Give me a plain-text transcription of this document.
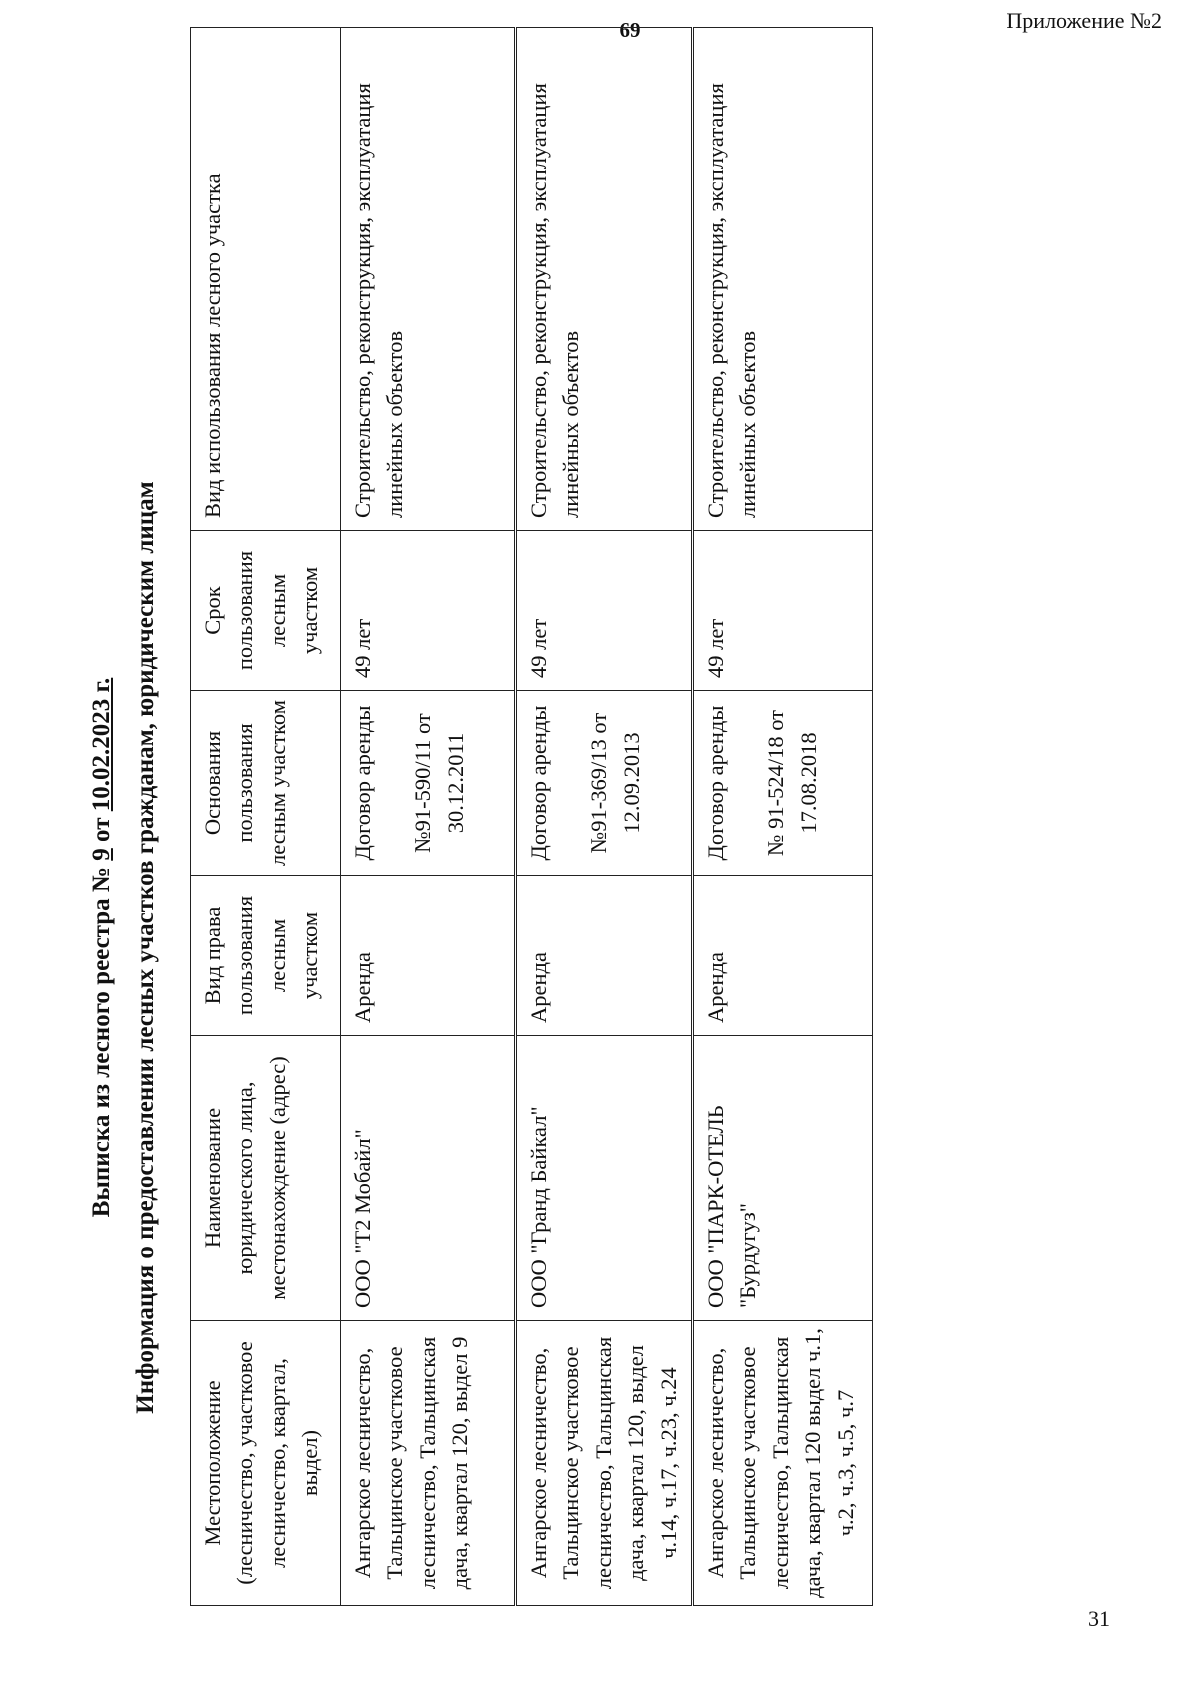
69	Приложение №2
31
Выписка из лесного реестра № 9 от 10.02.2023 г. Информация о предоставлении лесных участков гражданам, юридическим лицам
Местоположение (лесничество, участковое лесничество, квартал, выдел)	Наименование юридического лица, местонахождение (адрес)	Вид права пользования лесным участком	Основания пользования лесным участком	Срок пользования лесным участком	Вид использования лесного участка
Ангарское лесничество, Тальцинское участковое лесничество, Тальцинская дача, квартал 120, выдел 9	ООО "Т2 Мобайл"	Аренда	Договор аренды №91-590/11 от 30.12.2011	49 лет	Строительство, реконструкция, эксплуатация линейных объектов
Ангарское лесничество, Тальцинское участковое лесничество, Тальцинская дача, квартал 120, выдел ч.14, ч.17, ч.23, ч.24	ООО "Гранд Байкал"	Аренда	Договор аренды №91-369/13 от 12.09.2013	49 лет	Строительство, реконструкция, эксплуатация линейных объектов
Ангарское лесничество, Тальцинское участковое лесничество, Тальцинская дача, квартал 120 выдел ч.1, ч.2, ч.3, ч.5, ч.7	ООО "ПАРК-ОТЕЛЬ "Бурдугуз"	Аренда	Договор аренды № 91-524/18 от 17.08.2018	49 лет	Строительство, реконструкция, эксплуатация линейных объектов
